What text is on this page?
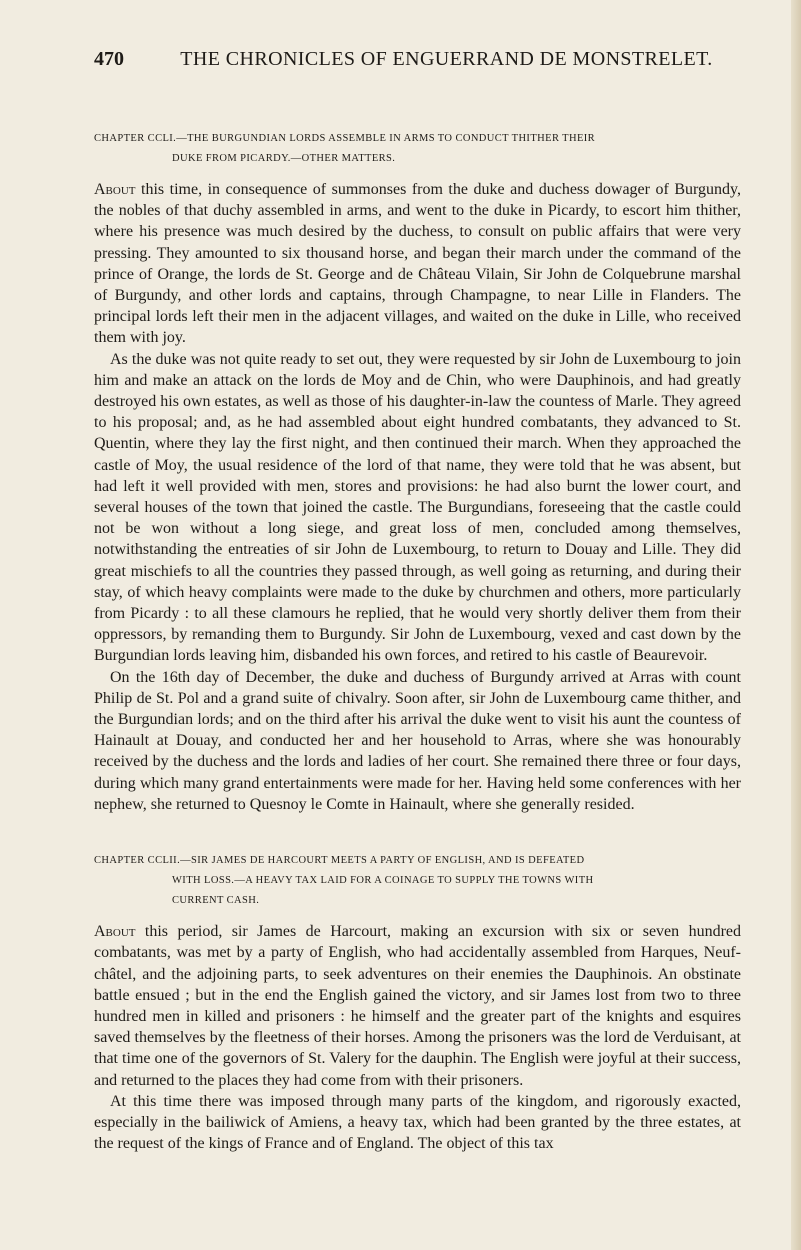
470	THE CHRONICLES OF ENGUERRAND DE MONSTRELET.
CHAPTER CCLI.—THE BURGUNDIAN LORDS ASSEMBLE IN ARMS TO CONDUCT THITHER THEIR
DUKE FROM PICARDY.—OTHER MATTERS.

About this time, in consequence of summonses from the duke and duchess dowager of Burgundy, the nobles of that duchy assembled in arms, and went to the duke in Picardy, to escort him thither, where his presence was much desired by the duchess, to consult on public affairs that were very pressing. They amounted to six thousand horse, and began their march under the command of the prince of Orange, the lords de St. George and de Château Vilain, Sir John de Colquebrune marshal of Burgundy, and other lords and captains, through Champagne, to near Lille in Flanders. The principal lords left their men in the adjacent villages, and waited on the duke in Lille, who received them with joy.

As the duke was not quite ready to set out, they were requested by sir John de Luxembourg to join him and make an attack on the lords de Moy and de Chin, who were Dauphinois, and had greatly destroyed his own estates, as well as those of his daughter-in-law the countess of Marle. They agreed to his proposal; and, as he had assembled about eight hundred combatants, they advanced to St. Quentin, where they lay the first night, and then continued their march. When they approached the castle of Moy, the usual residence of the lord of that name, they were told that he was absent, but had left it well provided with men, stores and provisions: he had also burnt the lower court, and several houses of the town that joined the castle. The Burgundians, foreseeing that the castle could not be won without a long siege, and great loss of men, concluded among themselves, notwithstanding the entreaties of sir John de Luxembourg, to return to Douay and Lille. They did great mischiefs to all the countries they passed through, as well going as returning, and during their stay, of which heavy complaints were made to the duke by churchmen and others, more particularly from Picardy : to all these clamours he replied, that he would very shortly deliver them from their oppressors, by remanding them to Burgundy. Sir John de Luxembourg, vexed and cast down by the Burgundian lords leaving him, disbanded his own forces, and retired to his castle of Beaurevoir.

On the 16th day of December, the duke and duchess of Burgundy arrived at Arras with count Philip de St. Pol and a grand suite of chivalry. Soon after, sir John de Luxembourg came thither, and the Burgundian lords; and on the third after his arrival the duke went to visit his aunt the countess of Hainault at Douay, and conducted her and her household to Arras, where she was honourably received by the duchess and the lords and ladies of her court. She remained there three or four days, during which many grand entertainments were made for her. Having held some conferences with her nephew, she returned to Quesnoy le Comte in Hainault, where she generally resided.

CHAPTER CCLII.—SIR JAMES DE HARCOURT MEETS A PARTY OF ENGLISH, AND IS DEFEATED
WITH LOSS.—A HEAVY TAX LAID FOR A COINAGE TO SUPPLY THE TOWNS WITH
CURRENT CASH.

About this period, sir James de Harcourt, making an excursion with six or seven hundred combatants, was met by a party of English, who had accidentally assembled from Harques, Neuf-châtel, and the adjoining parts, to seek adventures on their enemies the Dauphinois. An obstinate battle ensued ; but in the end the English gained the victory, and sir James lost from two to three hundred men in killed and prisoners : he himself and the greater part of the knights and esquires saved themselves by the fleetness of their horses. Among the prisoners was the lord de Verduisant, at that time one of the governors of St. Valery for the dauphin. The English were joyful at their success, and returned to the places they had come from with their prisoners.

At this time there was imposed through many parts of the kingdom, and rigorously exacted, especially in the bailiwick of Amiens, a heavy tax, which had been granted by the three estates, at the request of the kings of France and of England. The object of this tax
